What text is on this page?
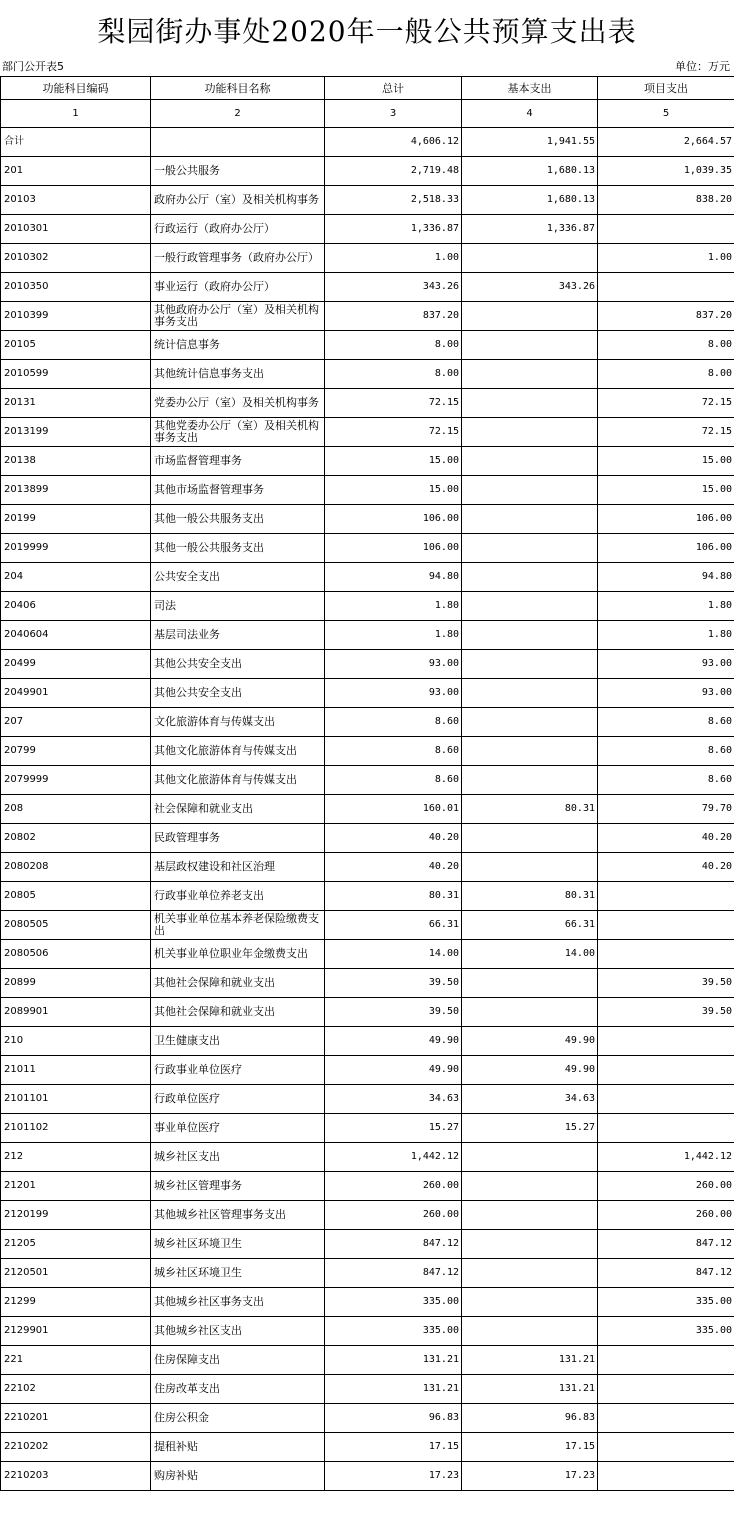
梨园街办事处2020年一般公共预算支出表
部门公开表5	单位：万元
功能科目编码	功能科目名称	总计	基本支出	项目支出
1	2	3	4	5
合计		4,606.12	1,941.55	2,664.57
201	一般公共服务	2,719.48	1,680.13	1,039.35
20103	政府办公厅（室）及相关机构事务	2,518.33	1,680.13	838.20
2010301	行政运行（政府办公厅）	1,336.87	1,336.87	
2010302	一般行政管理事务（政府办公厅）	1.00		1.00
2010350	事业运行（政府办公厅）	343.26	343.26	
2010399	其他政府办公厅（室）及相关机构事务支出	837.20		837.20
20105	统计信息事务	8.00		8.00
2010599	其他统计信息事务支出	8.00		8.00
20131	党委办公厅（室）及相关机构事务	72.15		72.15
2013199	其他党委办公厅（室）及相关机构事务支出	72.15		72.15
20138	市场监督管理事务	15.00		15.00
2013899	其他市场监督管理事务	15.00		15.00
20199	其他一般公共服务支出	106.00		106.00
2019999	其他一般公共服务支出	106.00		106.00
204	公共安全支出	94.80		94.80
20406	司法	1.80		1.80
2040604	基层司法业务	1.80		1.80
20499	其他公共安全支出	93.00		93.00
2049901	其他公共安全支出	93.00		93.00
207	文化旅游体育与传媒支出	8.60		8.60
20799	其他文化旅游体育与传媒支出	8.60		8.60
2079999	其他文化旅游体育与传媒支出	8.60		8.60
208	社会保障和就业支出	160.01	80.31	79.70
20802	民政管理事务	40.20		40.20
2080208	基层政权建设和社区治理	40.20		40.20
20805	行政事业单位养老支出	80.31	80.31	
2080505	机关事业单位基本养老保险缴费支出	66.31	66.31	
2080506	机关事业单位职业年金缴费支出	14.00	14.00	
20899	其他社会保障和就业支出	39.50		39.50
2089901	其他社会保障和就业支出	39.50		39.50
210	卫生健康支出	49.90	49.90	
21011	行政事业单位医疗	49.90	49.90	
2101101	行政单位医疗	34.63	34.63	
2101102	事业单位医疗	15.27	15.27	
212	城乡社区支出	1,442.12		1,442.12
21201	城乡社区管理事务	260.00		260.00
2120199	其他城乡社区管理事务支出	260.00		260.00
21205	城乡社区环境卫生	847.12		847.12
2120501	城乡社区环境卫生	847.12		847.12
21299	其他城乡社区事务支出	335.00		335.00
2129901	其他城乡社区支出	335.00		335.00
221	住房保障支出	131.21	131.21	
22102	住房改革支出	131.21	131.21	
2210201	住房公积金	96.83	96.83	
2210202	提租补贴	17.15	17.15	
2210203	购房补贴	17.23	17.23	
